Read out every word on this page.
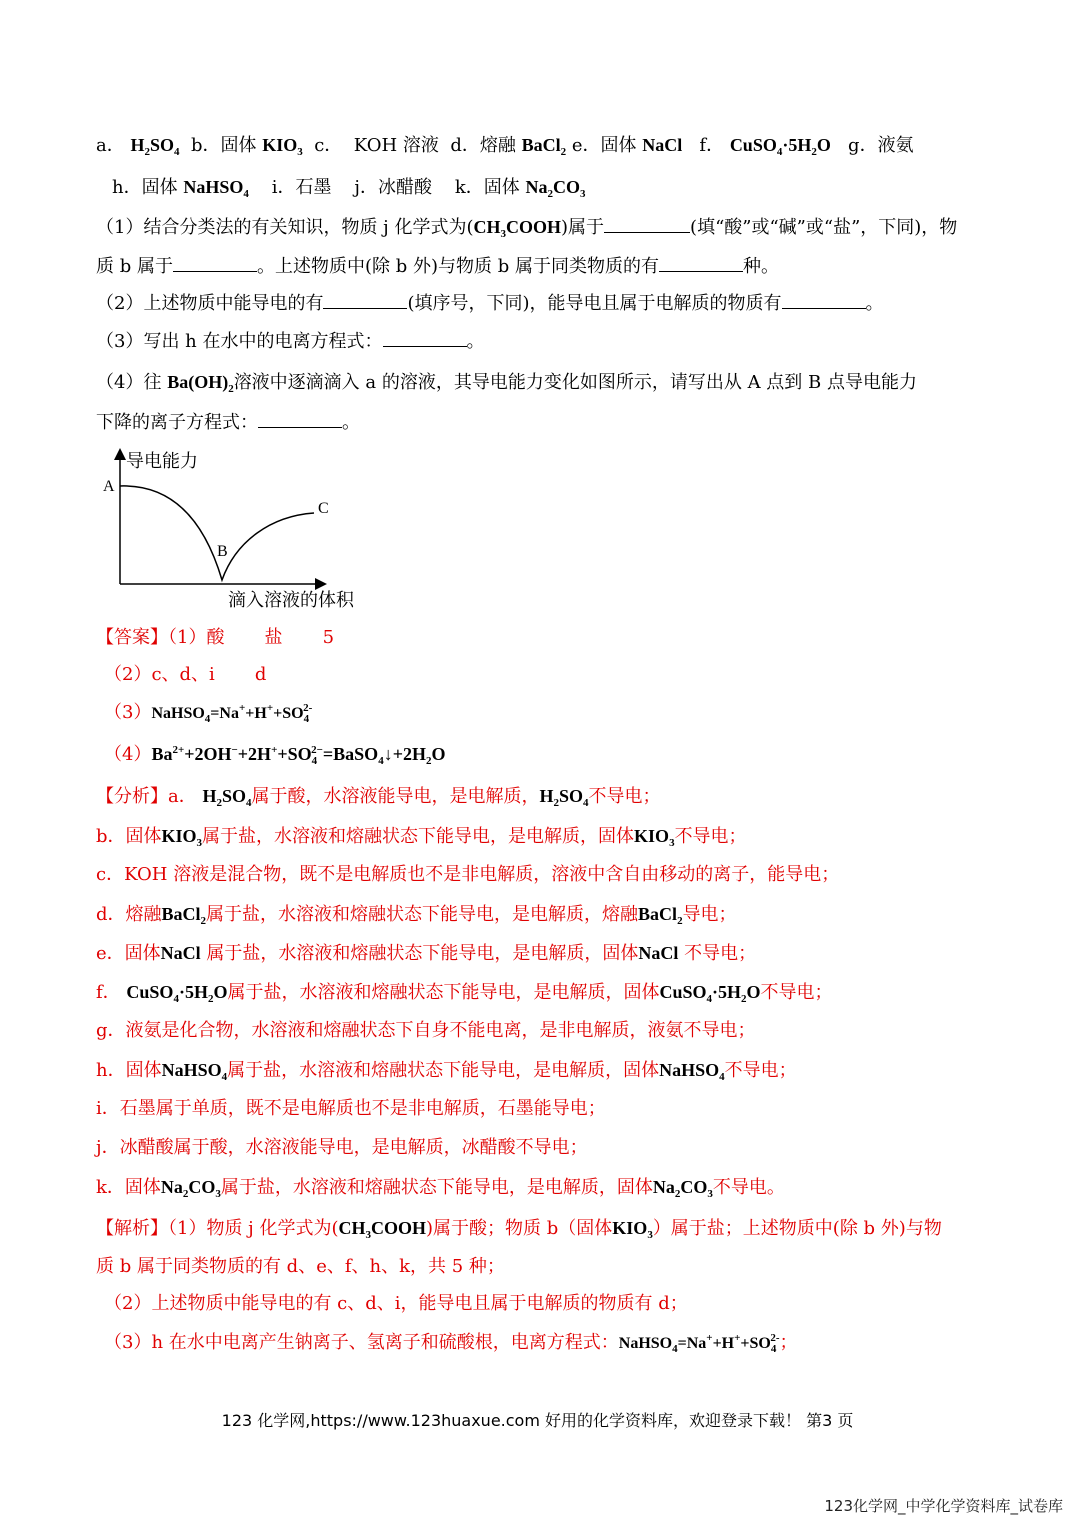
a． $H_2SO_4$ b．固体 $KIO_3$ c． KOH 溶液 d．熔融 BaCl$_2$ e．固体 NaCl f． $CuSO_4\cdot 5H_2O$ g．液氨
h．固体 NaHSO$_4$ i．石墨 j．冰醋酸 k．固体 $Na_2CO_3$
（1）结合分类法的有关知识，物质 j 化学式为$(CH_3COOH)$属于	(填“酸”或“碱”或“盐”，下同)，物
质 b 属于	。上述物质中(除 b 外)与物质 b 属于同类物质的有	种。
（2）上述物质中能导电的有	(填序号，下同)，能导电且属于电解质的物质有	。
（3）写出 h 在水中的电离方程式：	。
（4）往 $Ba(OH)_2$溶液中逐滴滴入 a 的溶液，其导电能力变化如图所示，请写出从 A 点到 B 点导电能力
下降的离子方程式：	。
导电能力
A
B
C
滴入溶液的体积
【答案】（1）酸 盐 5
（2）c、d、i d
$(3)NaHSO_4=Na^++H^++SO_4^{2-}$
$(4)Ba^{2+}+2OH^-+2H^++SO_4^{2-}=BaSO_4↓+2H_2O$
【分析】a． $H_2SO_4$属于酸，水溶液能导电，是电解质，$H_2SO_4$不导电；
b．固体$KIO_3$属于盐，水溶液和熔融状态下能导电，是电解质，固体$KIO_3$不导电；
c．KOH 溶液是混合物，既不是电解质也不是非电解质，溶液中含自由移动的离子，能导电；
d．熔融BaCl$_2$属于盐，水溶液和熔融状态下能导电，是电解质，熔融BaCl$_2$导电；
e．固体NaCl 属于盐，水溶液和熔融状态下能导电，是电解质，固体NaCl 不导电；
f． $CuSO_4\cdot 5H_2O$属于盐，水溶液和熔融状态下能导电，是电解质，固体$CuSO_4\cdot 5H_2O$不导电；
g．液氨是化合物，水溶液和熔融状态下自身不能电离，是非电解质，液氨不导电；
h．固体NaHSO$_4$属于盐，水溶液和熔融状态下能导电，是电解质，固体NaHSO$_4$不导电；
i．石墨属于单质，既不是电解质也不是非电解质，石墨能导电；
j．冰醋酸属于酸，水溶液能导电，是电解质，冰醋酸不导电；
k．固体$Na_2CO_3$属于盐，水溶液和熔融状态下能导电，是电解质，固体$Na_2CO_3$不导电。
【解析】（1）物质 j 化学式为$(CH_3COOH)$属于酸；物质 b（固体$KIO_3$）属于盐；上述物质中(除 b 外)与物
质 b 属于同类物质的有 d、e、f、h、k，共 5 种；
（2）上述物质中能导电的有 c、d、i，能导电且属于电解质的物质有 d；
（3）h 在水中电离产生钠离子、氢离子和硫酸根，电离方程式：$NaHSO_4=Na^++H^++SO_4^{2-}$；
123 化学网,https://www.123huaxue.com 好用的化学资料库，欢迎登录下载！ 第3 页
123化学网_中学化学资料库_试卷库
